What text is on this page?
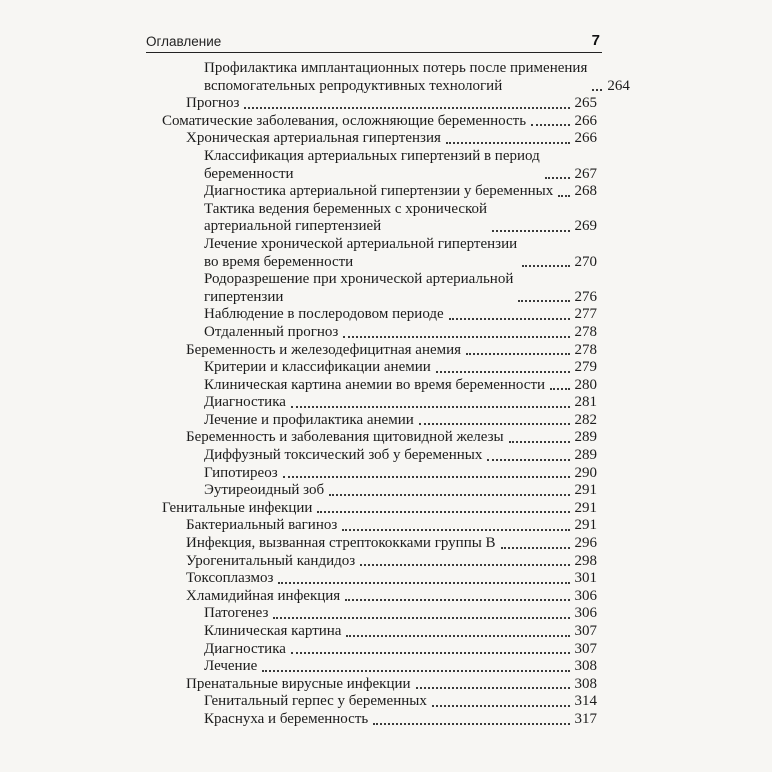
Оглавление	7
Профилактика имплантационных потерь после применения
вспомогательных репродуктивных технологий	264
Прогноз	265
Соматические заболевания, осложняющие беременность	266
Хроническая артериальная гипертензия	266
Классификация артериальных гипертензий в период
беременности	267
Диагностика артериальной гипертензии у беременных 268
Тактика ведения беременных с хронической
артериальной гипертензией	269
Лечение хронической артериальной гипертензии
во время беременности	270
Родоразрешение при хронической артериальной
гипертензии	276
Наблюдение в послеродовом периоде	277
Отдаленный прогноз	278
Беременность и железодефицитная анемия	278
Критерии и классификации анемии	279
Клиническая картина анемии во время беременности 280
Диагностика	281
Лечение и профилактика анемии	282
Беременность и заболевания щитовидной железы	289
Диффузный токсический зоб у беременных	289
Гипотиреоз	290
Эутиреоидный зоб	291
Генитальные инфекции	291
Бактериальный вагиноз	291
Инфекция, вызванная стрептококками группы В	296
Урогенитальный кандидоз	298
Токсоплазмоз	301
Хламидийная инфекция	306
Патогенез	306
Клиническая картина	307
Диагностика	307
Лечение	308
Пренатальные вирусные инфекции	308
Генитальный герпес у беременных	314
Краснуха и беременность	317
